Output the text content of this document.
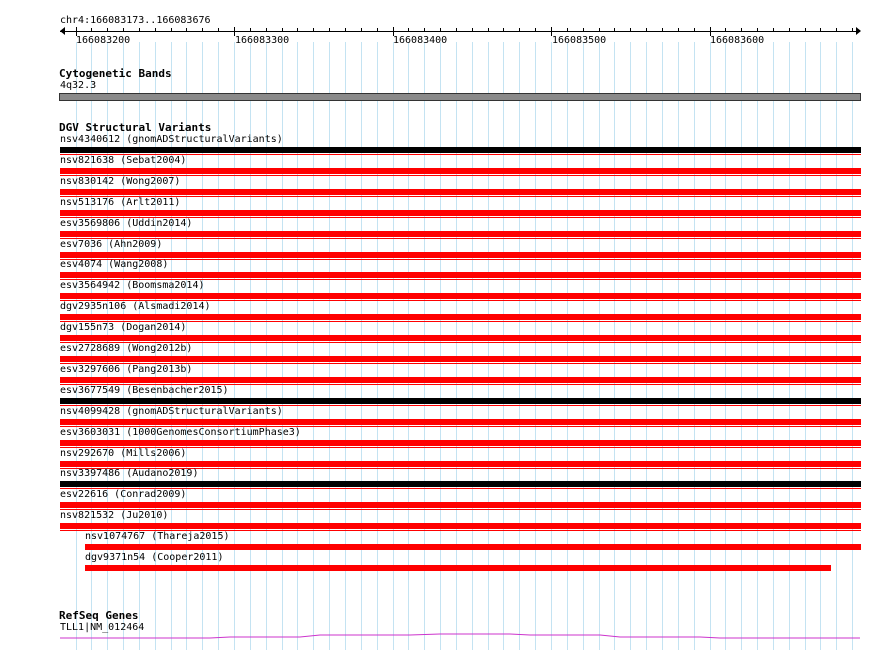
chr4:166083173..166083676
166083200	166083300	166083400	166083500	166083600
Cytogenetic Bands
4q32.3
DGV Structural Variants
nsv4340612 (gnomADStructuralVariants)
nsv821638 (Sebat2004)
nsv830142 (Wong2007)
nsv513176 (Arlt2011)
esv3569806 (Uddin2014)
esv7036 (Ahn2009)
esv4074 (Wang2008)
esv3564942 (Boomsma2014)
dgv2935n106 (Alsmadi2014)
dgv155n73 (Dogan2014)
esv2728689 (Wong2012b)
esv3297606 (Pang2013b)
esv3677549 (Besenbacher2015)
nsv4099428 (gnomADStructuralVariants)
esv3603031 (1000GenomesConsortiumPhase3)
nsv292670 (Mills2006)
nsv3397486 (Audano2019)
esv22616 (Conrad2009)
nsv821532 (Ju2010)
nsv1074767 (Thareja2015)
dgv9371n54 (Cooper2011)
RefSeq Genes
TLL1|NM_012464
